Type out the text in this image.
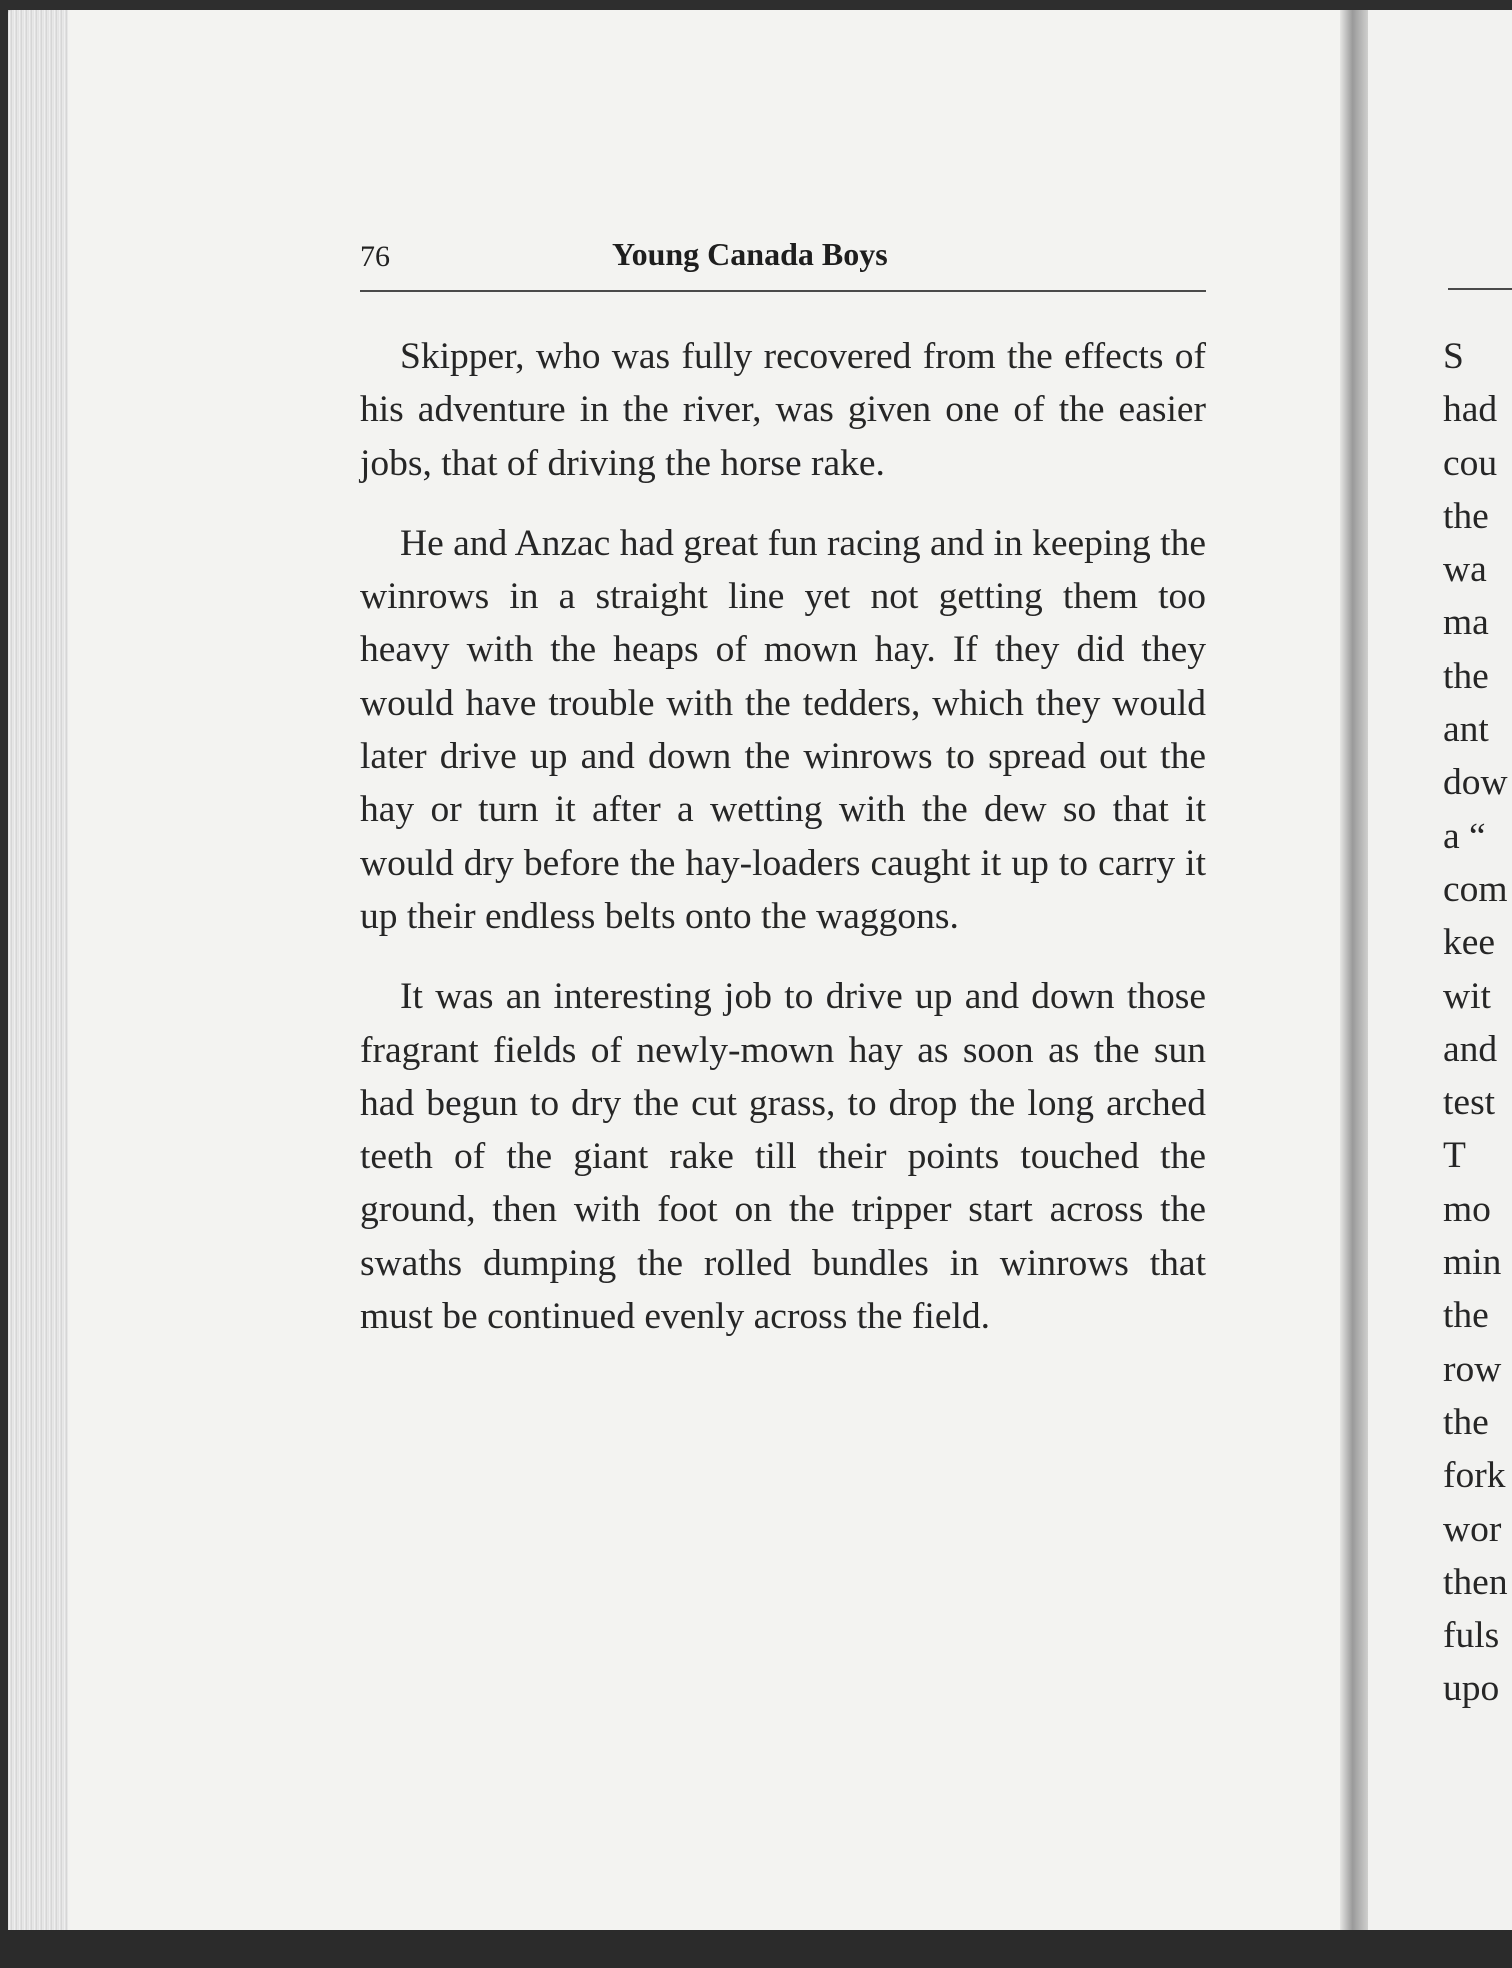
76	Young Canada Boys

Skipper, who was fully recovered from the effects of his adventure in the river, was given one of the easier jobs, that of driving the horse rake.

He and Anzac had great fun racing and in keeping the winrows in a straight line yet not getting them too heavy with the heaps of mown hay. If they did they would have trouble with the tedders, which they would later drive up and down the winrows to spread out the hay or turn it after a wetting with the dew so that it would dry before the hay-loaders caught it up to carry it up their endless belts onto the waggons.

It was an interesting job to drive up and down those fragrant fields of newly-mown hay as soon as the sun had begun to dry the cut grass, to drop the long arched teeth of the giant rake till their points touched the ground, then with foot on the tripper start across the swaths dumping the rolled bundles in winrows that must be continued evenly across the field.

S
had
cou
the
wa
ma
the
ant
dow
a “
com
kee
wit
and
test
T
mo
min
the
row
the
fork
wor
then
fuls
upo
